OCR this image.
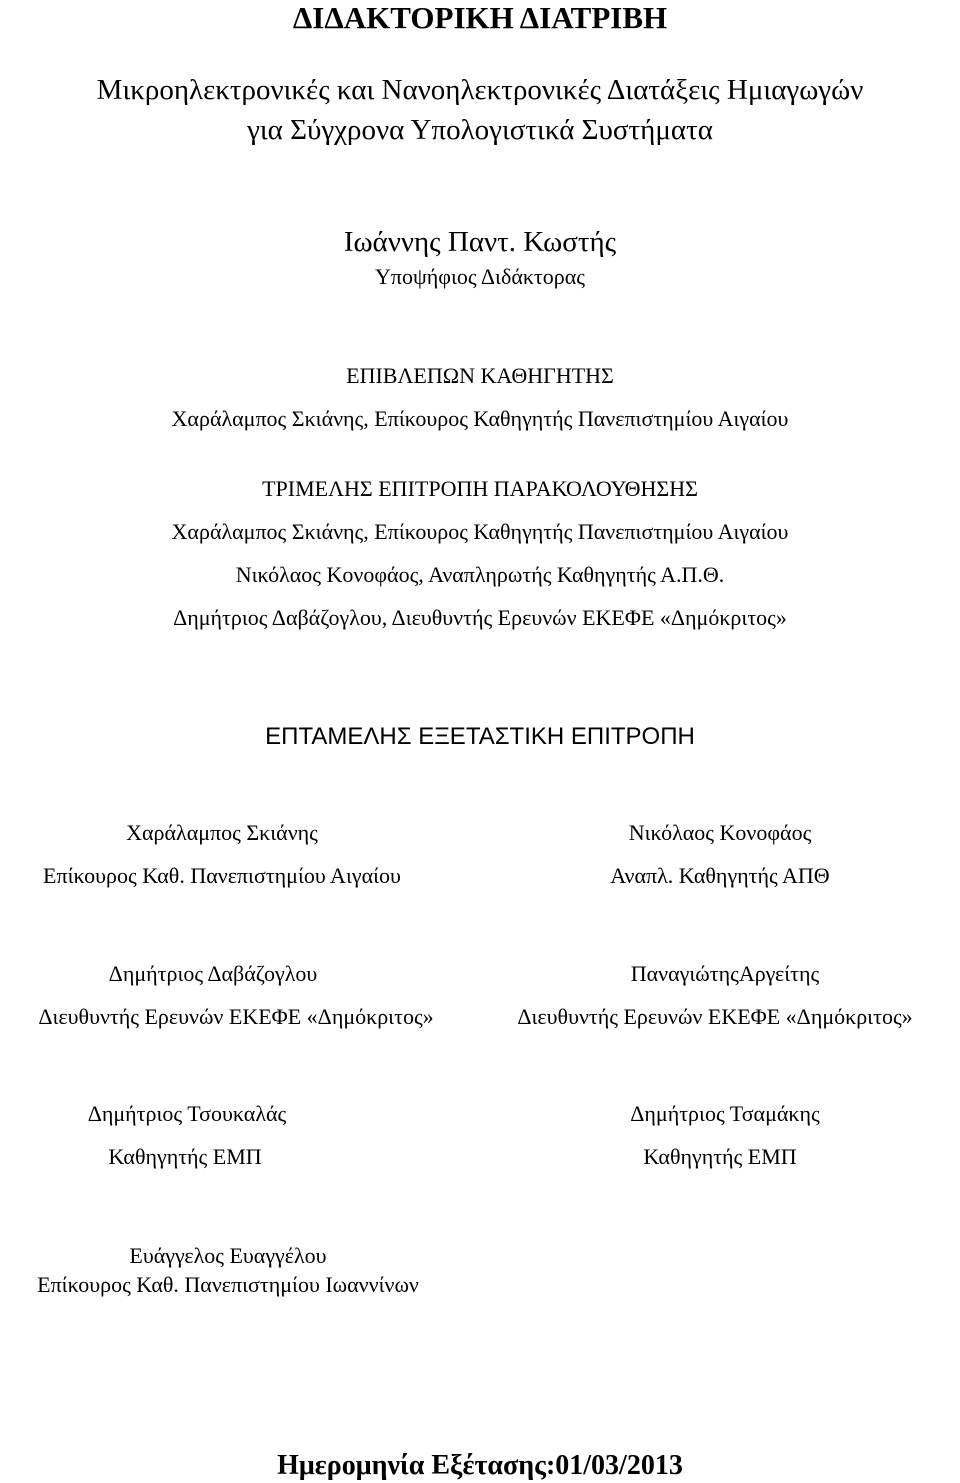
ΔΙΔΑΚΤΟΡΙΚΗ ΔΙΑΤΡΙΒΗ
Μικροηλεκτρονικές και Νανοηλεκτρονικές Διατάξεις Ημιαγωγών
για Σύγχρονα Υπολογιστικά Συστήματα
Ιωάννης Παντ. Κωστής
Υποψήφιος Διδάκτορας
ΕΠΙΒΛΕΠΩΝ ΚΑΘΗΓΗΤΗΣ
Χαράλαμπος Σκιάνης, Επίκουρος Καθηγητής Πανεπιστημίου Αιγαίου
ΤΡΙΜΕΛΗΣ ΕΠΙΤΡΟΠΗ ΠΑΡΑΚΟΛΟΥΘΗΣΗΣ
Χαράλαμπος Σκιάνης, Επίκουρος Καθηγητής Πανεπιστημίου Αιγαίου
Νικόλαος Κονοφάος, Αναπληρωτής Καθηγητής Α.Π.Θ.
Δημήτριος Δαβάζογλου, Διευθυντής Ερευνών ΕΚΕΦΕ «Δημόκριτος»
ΕΠΤΑΜΕΛΗΣ ΕΞΕΤΑΣΤΙΚΗ ΕΠΙΤΡΟΠΗ
Χαράλαμπος Σκιάνης
Επίκουρος Καθ. Πανεπιστημίου Αιγαίου
Νικόλαος Κονοφάος
Αναπλ. Καθηγητής ΑΠΘ
Δημήτριος Δαβάζογλου
Διευθυντής Ερευνών ΕΚΕΦΕ «Δημόκριτος»
ΠαναγιώτηςΑργείτης
Διευθυντής Ερευνών ΕΚΕΦΕ «Δημόκριτος»
Δημήτριος Τσουκαλάς
Καθηγητής ΕΜΠ
Δημήτριος Τσαμάκης
Καθηγητής ΕΜΠ
Ευάγγελος Ευαγγέλου
Επίκουρος Καθ. Πανεπιστημίου Ιωαννίνων
Ημερομηνία Εξέτασης:01/03/2013
